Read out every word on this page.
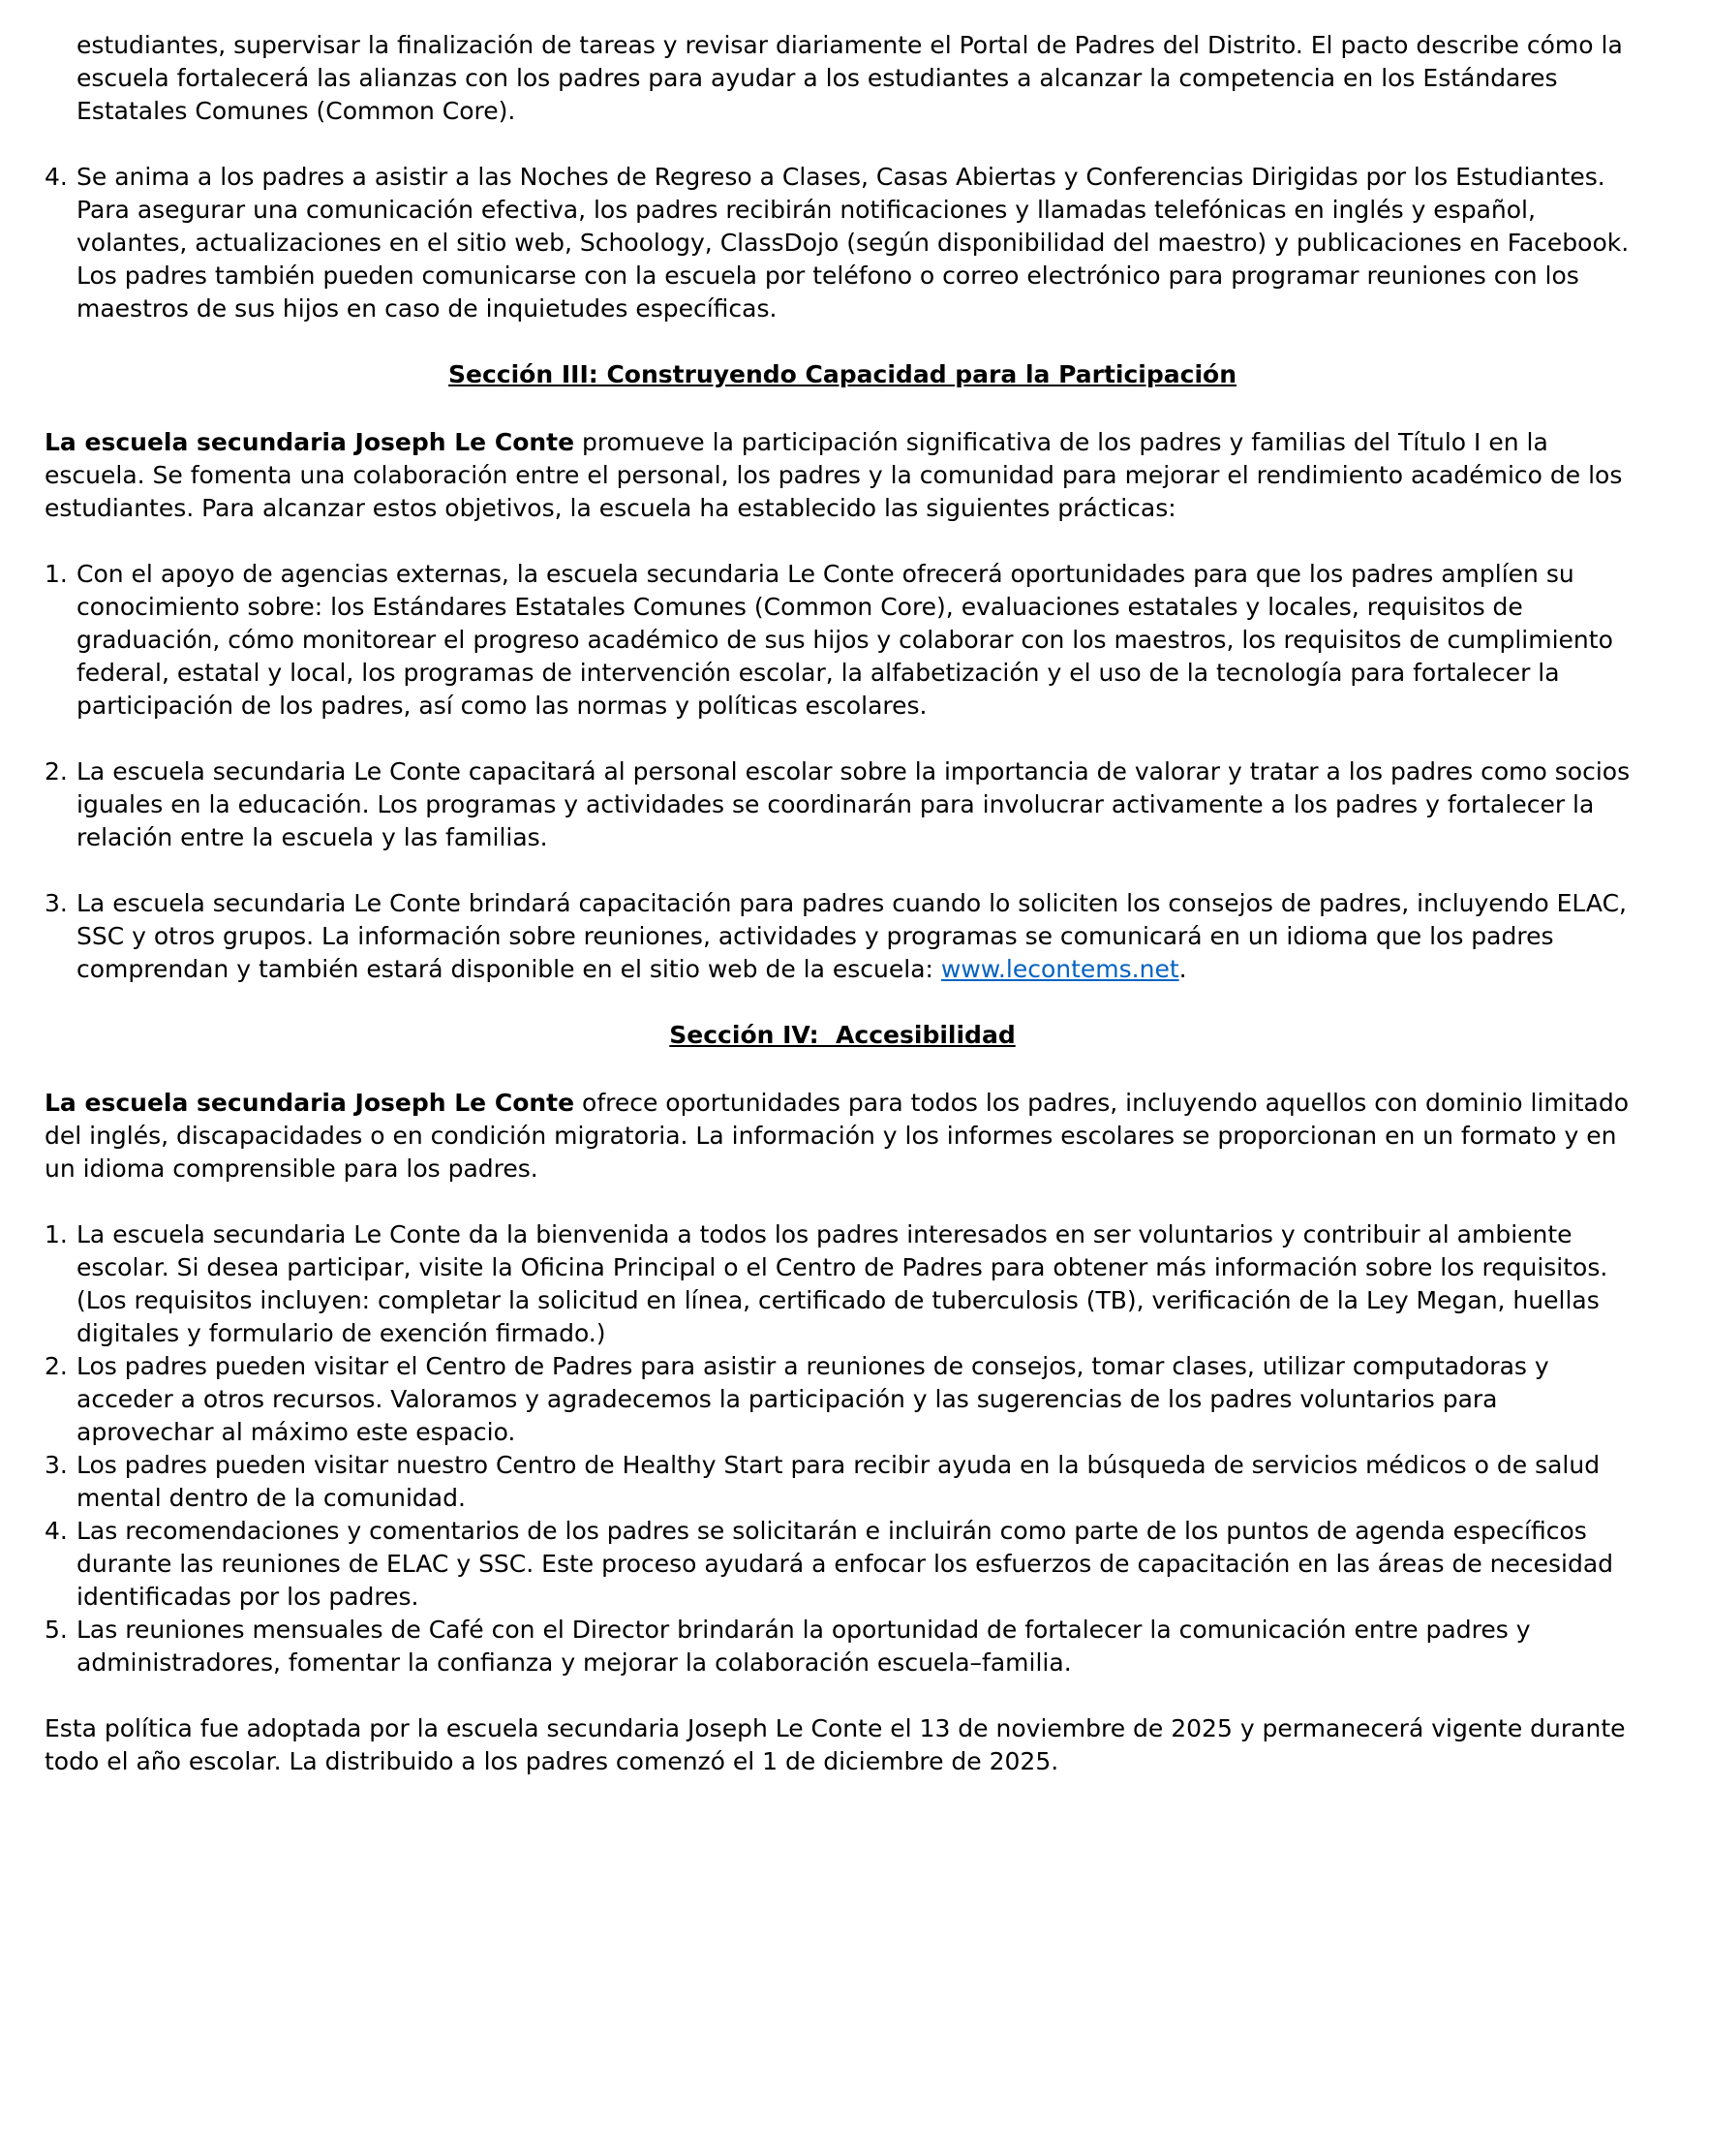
estudiantes, supervisar la finalización de tareas y revisar diariamente el Portal de Padres del Distrito. El pacto describe cómo la escuela fortalecerá las alianzas con los padres para ayudar a los estudiantes a alcanzar la competencia en los Estándares Estatales Comunes (Common Core).

4. Se anima a los padres a asistir a las Noches de Regreso a Clases, Casas Abiertas y Conferencias Dirigidas por los Estudiantes. Para asegurar una comunicación efectiva, los padres recibirán notificaciones y llamadas telefónicas en inglés y español, volantes, actualizaciones en el sitio web, Schoology, ClassDojo (según disponibilidad del maestro) y publicaciones en Facebook. Los padres también pueden comunicarse con la escuela por teléfono o correo electrónico para programar reuniones con los maestros de sus hijos en caso de inquietudes específicas.
Sección III: Construyendo Capacidad para la Participación

La escuela secundaria Joseph Le Conte promueve la participación significativa de los padres y familias del Título I en la escuela. Se fomenta una colaboración entre el personal, los padres y la comunidad para mejorar el rendimiento académico de los estudiantes. Para alcanzar estos objetivos, la escuela ha establecido las siguientes prácticas:

1. Con el apoyo de agencias externas, la escuela secundaria Le Conte ofrecerá oportunidades para que los padres amplíen su conocimiento sobre: los Estándares Estatales Comunes (Common Core), evaluaciones estatales y locales, requisitos de graduación, cómo monitorear el progreso académico de sus hijos y colaborar con los maestros, los requisitos de cumplimiento federal, estatal y local, los programas de intervención escolar, la alfabetización y el uso de la tecnología para fortalecer la participación de los padres, así como las normas y políticas escolares.
2. La escuela secundaria Le Conte capacitará al personal escolar sobre la importancia de valorar y tratar a los padres como socios iguales en la educación. Los programas y actividades se coordinarán para involucrar activamente a los padres y fortalecer la relación entre la escuela y las familias.
3. La escuela secundaria Le Conte brindará capacitación para padres cuando lo soliciten los consejos de padres, incluyendo ELAC, SSC y otros grupos. La información sobre reuniones, actividades y programas se comunicará en un idioma que los padres comprendan y también estará disponible en el sitio web de la escuela: www.lecontems.net.
Sección IV:  Accesibilidad

La escuela secundaria Joseph Le Conte ofrece oportunidades para todos los padres, incluyendo aquellos con dominio limitado del inglés, discapacidades o en condición migratoria. La información y los informes escolares se proporcionan en un formato y en un idioma comprensible para los padres.

1. La escuela secundaria Le Conte da la bienvenida a todos los padres interesados en ser voluntarios y contribuir al ambiente escolar. Si desea participar, visite la Oficina Principal o el Centro de Padres para obtener más información sobre los requisitos. (Los requisitos incluyen: completar la solicitud en línea, certificado de tuberculosis (TB), verificación de la Ley Megan, huellas digitales y formulario de exención firmado.)
2. Los padres pueden visitar el Centro de Padres para asistir a reuniones de consejos, tomar clases, utilizar computadoras y acceder a otros recursos. Valoramos y agradecemos la participación y las sugerencias de los padres voluntarios para aprovechar al máximo este espacio.
3. Los padres pueden visitar nuestro Centro de Healthy Start para recibir ayuda en la búsqueda de servicios médicos o de salud mental dentro de la comunidad.
4. Las recomendaciones y comentarios de los padres se solicitarán e incluirán como parte de los puntos de agenda específicos durante las reuniones de ELAC y SSC. Este proceso ayudará a enfocar los esfuerzos de capacitación en las áreas de necesidad identificadas por los padres.
5. Las reuniones mensuales de Café con el Director brindarán la oportunidad de fortalecer la comunicación entre padres y administradores, fomentar la confianza y mejorar la colaboración escuela–familia.

Esta política fue adoptada por la escuela secundaria Joseph Le Conte el 13 de noviembre de 2025 y permanecerá vigente durante todo el año escolar. La distribuido a los padres comenzó el 1 de diciembre de 2025.
